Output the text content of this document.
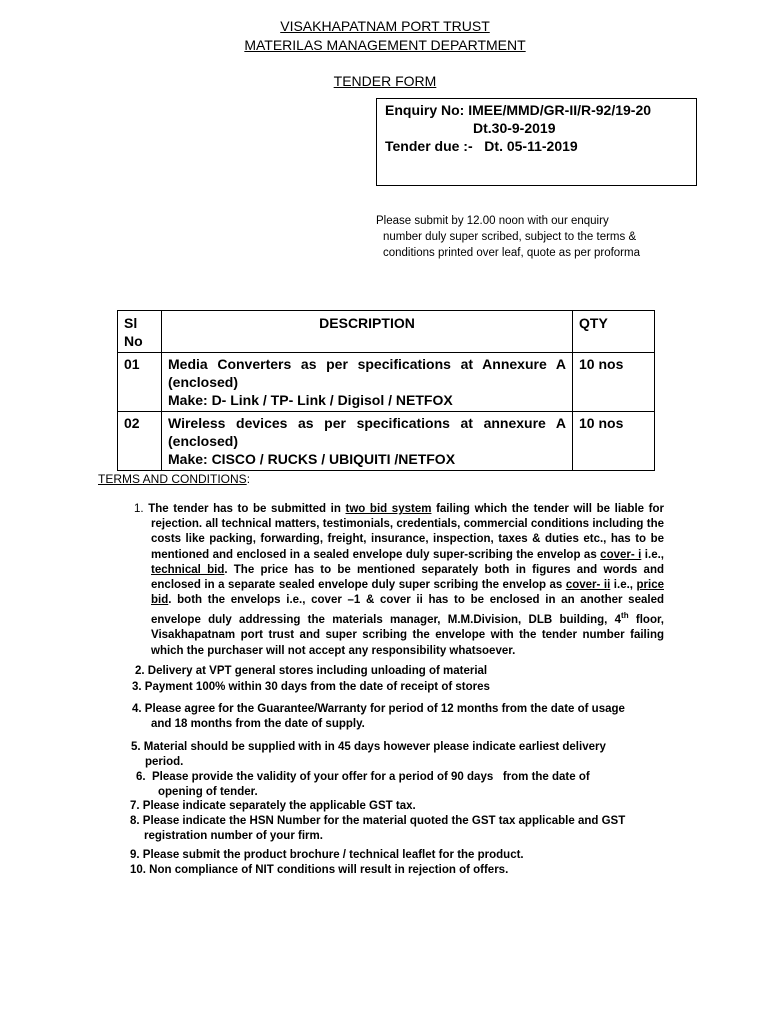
VISAKHAPATNAM PORT TRUST
MATERILAS MANAGEMENT DEPARTMENT
TENDER FORM
Enquiry No: IMEE/MMD/GR-II/R-92/19-20
Dt.30-9-2019
Tender due :-   Dt. 05-11-2019
Please submit by 12.00 noon with our enquiry
number duly super scribed, subject to the terms &
conditions printed over leaf, quote as per proforma
Sl
No	DESCRIPTION	QTY
01	Media Converters as per specifications at Annexure A
(enclosed)
Make: D- Link / TP- Link / Digisol / NETFOX	10 nos
02	Wireless devices as per specifications at annexure A
(enclosed)
Make: CISCO / RUCKS / UBIQUITI /NETFOX	10 nos
TERMS AND CONDITIONS:

1. The tender has to be submitted in two bid system failing which the tender will be liable for rejection. all technical matters, testimonials, credentials, commercial conditions including the costs like packing, forwarding, freight, insurance, inspection, taxes & duties etc., has to be mentioned and enclosed in a sealed envelope duly super-scribing the envelop as cover- i i.e., technical bid. The price has to be mentioned separately both in figures and words and enclosed in a separate sealed envelope duly super scribing the envelop as cover- ii i.e., price bid. both the envelops i.e., cover –1 & cover ii has to be enclosed in an another sealed envelope duly addressing the materials manager, M.M.Division, DLB building, 4th floor, Visakhapatnam port trust and super scribing the envelope with the tender number failing which the purchaser will not accept any responsibility whatsoever.

2. Delivery at VPT general stores including unloading of material
3. Payment 100% within 30 days from the date of receipt of stores
4. Please agree for the Guarantee/Warranty for period of 12 months from the date of usage
and 18 months from the date of supply.
5. Material should be supplied with in 45 days however please indicate earliest delivery
period.
6.  Please provide the validity of your offer for a period of 90 days   from the date of
opening of tender.
7. Please indicate separately the applicable GST tax.
8. Please indicate the HSN Number for the material quoted the GST tax applicable and GST
registration number of your firm.
9. Please submit the product brochure / technical leaflet for the product.
10. Non compliance of NIT conditions will result in rejection of offers.
